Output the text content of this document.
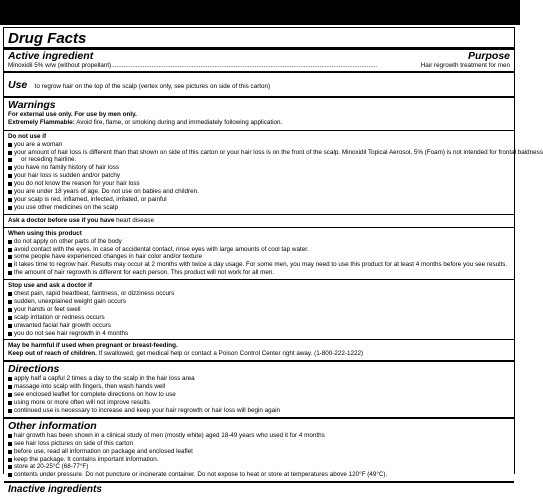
Drug Facts
Active ingredient	Purpose
Minoxidil 5% w/w (without propellant) ........................................................................................................................................................	Hair regrowth treatment for men
Use to regrow hair on the top of the scalp (vertex only, see pictures on side of this carton)
Warnings
For external use only. For use by men only.
Extremely Flammable: Avoid fire, flame, or smoking during and immediately following application.
Do not use if
you are a woman
your amount of hair loss is different than that shown on side of this carton or your hair loss is on the front of the scalp. Minoxidil Topical Aerosol, 5% (Foam) is not intended for frontal baldness
or receding hairline.
you have no family history of hair loss
your hair loss is sudden and/or patchy
you do not know the reason for your hair loss
you are under 18 years of age. Do not use on babies and children.
your scalp is red, inflamed, infected, irritated, or painful
you use other medicines on the scalp
Ask a doctor before use if you have heart disease
When using this product
do not apply on other parts of the body
avoid contact with the eyes. In case of accidental contact, rinse eyes with large amounts of cool tap water.
some people have experienced changes in hair color and/or texture
it takes time to regrow hair. Results may occur at 2 months with twice a day usage. For some men, you may need to use this product for at least 4 months before you see results.
the amount of hair regrowth is different for each person. This product will not work for all men.
Stop use and ask a doctor if
chest pain, rapid heartbeat, faintness, or dizziness occurs
sudden, unexplained weight gain occurs
your hands or feet swell
scalp irritation or redness occurs
unwanted facial hair growth occurs
you do not see hair regrowth in 4 months
May be harmful if used when pregnant or breast-feeding.
Keep out of reach of children. If swallowed, get medical help or contact a Poison Control Center right away. (1-800-222-1222)
Directions
apply half a capful 2 times a day to the scalp in the hair loss area
massage into scalp with fingers, then wash hands well
see enclosed leaflet for complete directions on how to use
using more or more often will not improve results
continued use is necessary to increase and keep your hair regrowth or hair loss will begin again
Other information
hair growth has been shown in a clinical study of men (mostly white) aged 18-49 years who used it for 4 months
see hair loss pictures on side of this carton
before use, read all information on package and enclosed leaflet
keep the package. It contains important information.
store at 20-25°C (68-77°F)
contents under pressure. Do not puncture or incinerate container. Do not expose to heat or store at temperatures above 120°F (49°C).
Inactive ingredients
